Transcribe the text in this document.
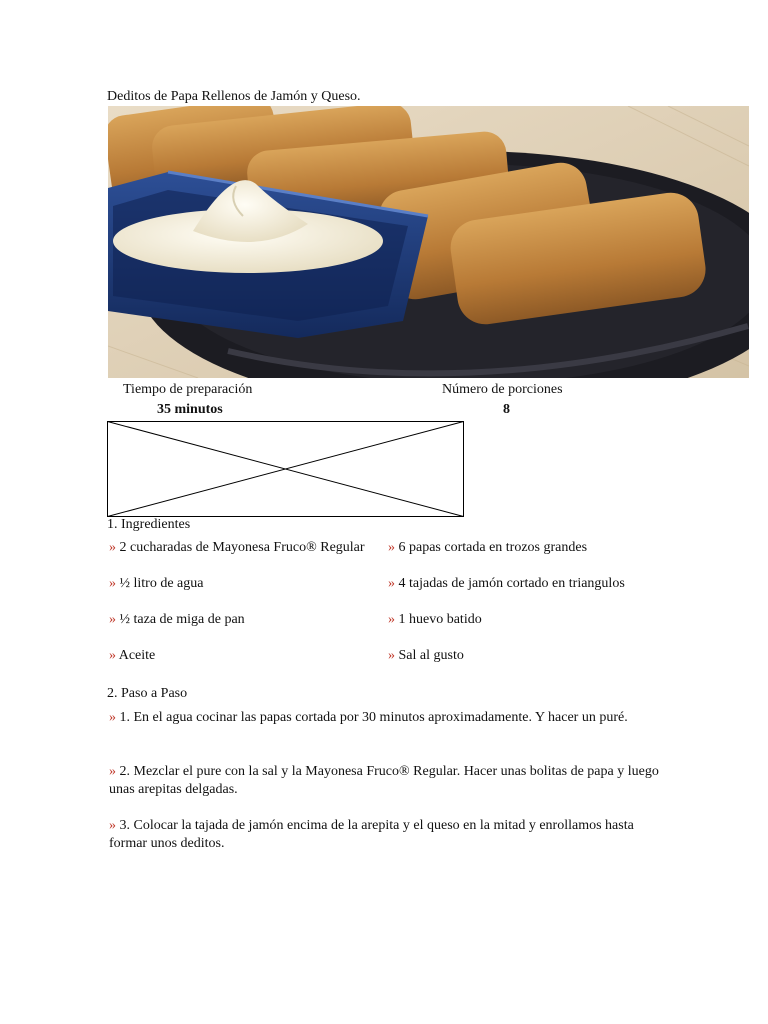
Deditos de Papa Rellenos de Jamón y Queso.
Tiempo de preparación
35 minutos
Número de porciones
8
1. Ingredientes
» 2 cucharadas de Mayonesa Fruco® Regular » 6 papas cortada en trozos grandes
» ½ litro de agua	» 4 tajadas de jamón cortado en triangulos
» ½ taza de miga de pan	» 1 huevo batido
» Aceite	» Sal al gusto
2. Paso a Paso
» 1. En el agua cocinar las papas cortada por 30 minutos aproximadamente. Y hacer un puré.
» 2. Mezclar el pure con la sal y la Mayonesa Fruco® Regular. Hacer unas bolitas de papa y luego unas arepitas delgadas.
» 3. Colocar la tajada de jamón encima de la arepita y el queso en la mitad y enrollamos hasta formar unos deditos.
